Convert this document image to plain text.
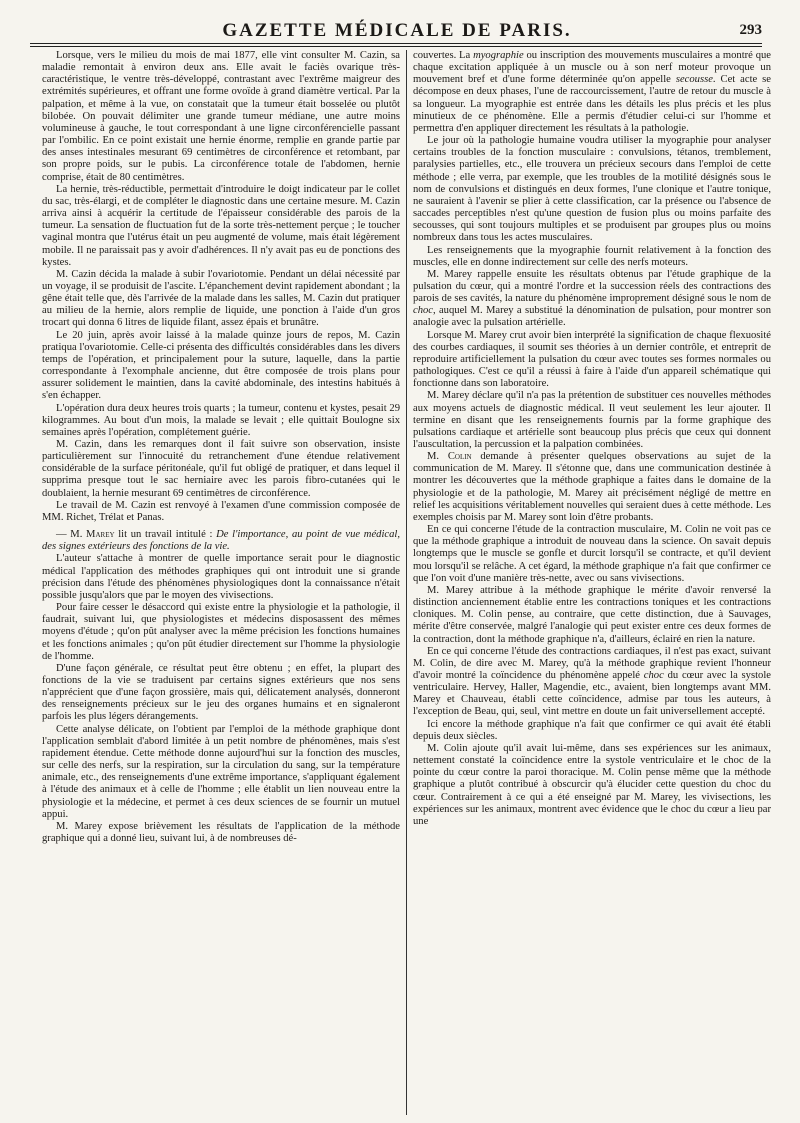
GAZETTE MÉDICALE DE PARIS.	293

Lorsque, vers le milieu du mois de mai 1877, elle vint consulter M. Cazin, sa maladie remontait à environ deux ans. Elle avait le faciès ovarique très-caractéristique, le ventre très-développé, contrastant avec l'extrême maigreur des extrémités supérieures, et offrant une forme ovoïde à grand diamètre vertical. Par la palpation, et même à la vue, on constatait que la tumeur était bosselée ou plutôt bilobée. On pouvait délimiter une grande tumeur médiane, une autre moins volumineuse à gauche, le tout correspondant à une ligne circonférencielle passant par l'ombilic. En ce point existait une hernie énorme, remplie en grande partie par des anses intestinales mesurant 69 centimètres de circonférence et retombant, par son propre poids, sur le pubis. La circonférence totale de l'abdomen, hernie comprise, était de 80 centimètres.

La hernie, très-réductible, permettait d'introduire le doigt indicateur par le collet du sac, très-élargi, et de compléter le diagnostic dans une certaine mesure. M. Cazin arriva ainsi à acquérir la certitude de l'épaisseur considérable des parois de la tumeur. La sensation de fluctuation fut de la sorte très-nettement perçue ; le toucher vaginal montra que l'utérus était un peu augmenté de volume, mais était légèrement mobile. Il ne paraissait pas y avoir d'adhérences. Il n'y avait pas eu de ponctions des kystes.

M. Cazin décida la malade à subir l'ovariotomie. Pendant un délai nécessité par un voyage, il se produisit de l'ascite. L'épanchement devint rapidement abondant ; la gêne était telle que, dès l'arrivée de la malade dans les salles, M. Cazin dut pratiquer au milieu de la hernie, alors remplie de liquide, une ponction à l'aide d'un gros trocart qui donna 6 litres de liquide filant, assez épais et brunâtre.

Le 20 juin, après avoir laissé à la malade quinze jours de repos, M. Cazin pratiqua l'ovariotomie. Celle-ci présenta des difficultés considérables dans les divers temps de l'opération, et principalement pour la suture, laquelle, dans la partie correspondante à l'exomphale ancienne, dut être composée de trois plans pour assurer solidement le maintien, dans la cavité abdominale, des intestins habitués à s'en échapper.

L'opération dura deux heures trois quarts ; la tumeur, contenu et kystes, pesait 29 kilogrammes. Au bout d'un mois, la malade se levait ; elle quittait Boulogne six semaines après l'opération, complétement guérie.

M. Cazin, dans les remarques dont il fait suivre son observation, insiste particulièrement sur l'innocuité du retranchement d'une étendue relativement considérable de la surface péritonéale, qu'il fut obligé de pratiquer, et dans lequel il supprima presque tout le sac herniaire avec les parois fibro-cutanées qui le doublaient, la hernie mesurant 69 centimètres de circonférence.

Le travail de M. Cazin est renvoyé à l'examen d'une commission composée de MM. Richet, Trélat et Panas.

— M. Marey lit un travail intitulé : De l'importance, au point de vue médical, des signes extérieurs des fonctions de la vie.

L'auteur s'attache à montrer de quelle importance serait pour le diagnostic médical l'application des méthodes graphiques qui ont introduit une si grande précision dans l'étude des phénomènes physiologiques dont la connaissance n'était possible jusqu'alors que par le moyen des vivisections.

Pour faire cesser le désaccord qui existe entre la physiologie et la pathologie, il faudrait, suivant lui, que physiologistes et médecins disposassent des mêmes moyens d'étude ; qu'on pût analyser avec la même précision les fonctions humaines et les fonctions animales ; qu'on pût étudier directement sur l'homme la physiologie de l'homme.

D'une façon générale, ce résultat peut être obtenu ; en effet, la plupart des fonctions de la vie se traduisent par certains signes extérieurs que nos sens n'apprécient que d'une façon grossière, mais qui, délicatement analysés, donneront des renseignements précieux sur le jeu des organes humains et en signaleront parfois les plus légers dérangements.

Cette analyse délicate, on l'obtient par l'emploi de la méthode graphique dont l'application semblait d'abord limitée à un petit nombre de phénomènes, mais s'est rapidement étendue. Cette méthode donne aujourd'hui sur la fonction des muscles, sur celle des nerfs, sur la respiration, sur la circulation du sang, sur la température animale, etc., des renseignements d'une extrême importance, s'appliquant également à l'étude des animaux et à celle de l'homme ; elle établit un lien nouveau entre la physiologie et la médecine, et permet à ces deux sciences de se fournir un mutuel appui.

M. Marey expose brièvement les résultats de l'application de la méthode graphique qui a donné lieu, suivant lui, à de nombreuses dé-

couvertes. La myographie ou inscription des mouvements musculaires a montré que chaque excitation appliquée à un muscle ou à son nerf moteur provoque un mouvement bref et d'une forme déterminée qu'on appelle secousse. Cet acte se décompose en deux phases, l'une de raccourcissement, l'autre de retour du muscle à sa longueur. La myographie est entrée dans les détails les plus précis et les plus minutieux de ce phénomène. Elle a permis d'étudier celui-ci sur l'homme et permettra d'en appliquer directement les résultats à la pathologie.

Le jour où la pathologie humaine voudra utiliser la myographie pour analyser certains troubles de la fonction musculaire : convulsions, tétanos, tremblement, paralysies partielles, etc., elle trouvera un précieux secours dans l'emploi de cette méthode ; elle verra, par exemple, que les troubles de la motilité désignés sous le nom de convulsions et distingués en deux formes, l'une clonique et l'autre tonique, ne sauraient à l'avenir se plier à cette classification, car la présence ou l'absence de saccades perceptibles n'est qu'une question de fusion plus ou moins parfaite des secousses, qui sont toujours multiples et se produisent par groupes plus ou moins nombreux dans tous les actes musculaires.

Les renseignements que la myographie fournit relativement à la fonction des muscles, elle en donne indirectement sur celle des nerfs moteurs.

M. Marey rappelle ensuite les résultats obtenus par l'étude graphique de la pulsation du cœur, qui a montré l'ordre et la succession réels des contractions des parois de ses cavités, la nature du phénomène improprement désigné sous le nom de choc, auquel M. Marey a substitué la dénomination de pulsation, pour montrer son analogie avec la pulsation artérielle.

Lorsque M. Marey crut avoir bien interprété la signification de chaque flexuosité des courbes cardiaques, il soumit ses théories à un dernier contrôle, et entreprit de reproduire artificiellement la pulsation du cœur avec toutes ses formes normales ou pathologiques. C'est ce qu'il a réussi à faire à l'aide d'un appareil schématique qui fonctionne dans son laboratoire.

M. Marey déclare qu'il n'a pas la prétention de substituer ces nouvelles méthodes aux moyens actuels de diagnostic médical. Il veut seulement les leur ajouter. Il termine en disant que les renseignements fournis par la forme graphique des pulsations cardiaque et artérielle sont beaucoup plus précis que ceux qui donnent l'auscultation, la percussion et la palpation combinées.

M. Colin demande à présenter quelques observations au sujet de la communication de M. Marey. Il s'étonne que, dans une communication destinée à montrer les découvertes que la méthode graphique a faites dans le domaine de la physiologie et de la pathologie, M. Marey ait précisément négligé de mettre en relief les acquisitions véritablement nouvelles qui seraient dues à cette méthode. Les exemples choisis par M. Marey sont loin d'être probants.

En ce qui concerne l'étude de la contraction musculaire, M. Colin ne voit pas ce que la méthode graphique a introduit de nouveau dans la science. On savait depuis longtemps que le muscle se gonfle et durcit lorsqu'il se contracte, et qu'il devient mou lorsqu'il se relâche. A cet égard, la méthode graphique n'a fait que confirmer ce que l'on voit d'une manière très-nette, avec ou sans vivisections.

M. Marey attribue à la méthode graphique le mérite d'avoir renversé la distinction anciennement établie entre les contractions toniques et les contractions cloniques. M. Colin pense, au contraire, que cette distinction, due à Sauvages, mérite d'être conservée, malgré l'analogie qui peut exister entre ces deux formes de la contraction, dont la méthode graphique n'a, d'ailleurs, éclairé en rien la nature.

En ce qui concerne l'étude des contractions cardiaques, il n'est pas exact, suivant M. Colin, de dire avec M. Marey, qu'à la méthode graphique revient l'honneur d'avoir montré la coïncidence du phénomène appelé choc du cœur avec la systole ventriculaire. Hervey, Haller, Magendie, etc., avaient, bien longtemps avant MM. Marey et Chauveau, établi cette coïncidence, admise par tous les auteurs, à l'exception de Beau, qui, seul, vint mettre en doute un fait universellement accepté.

Ici encore la méthode graphique n'a fait que confirmer ce qui avait été établi depuis deux siècles.

M. Colin ajoute qu'il avait lui-même, dans ses expériences sur les animaux, nettement constaté la coïncidence entre la systole ventriculaire et le choc de la pointe du cœur contre la paroi thoracique. M. Colin pense même que la méthode graphique a plutôt contribué à obscurcir qu'à élucider cette question du choc du cœur. Contrairement à ce qui a été enseigné par M. Marey, les vivisections, les expériences sur les animaux, montrent avec évidence que le choc du cœur a lieu par une
